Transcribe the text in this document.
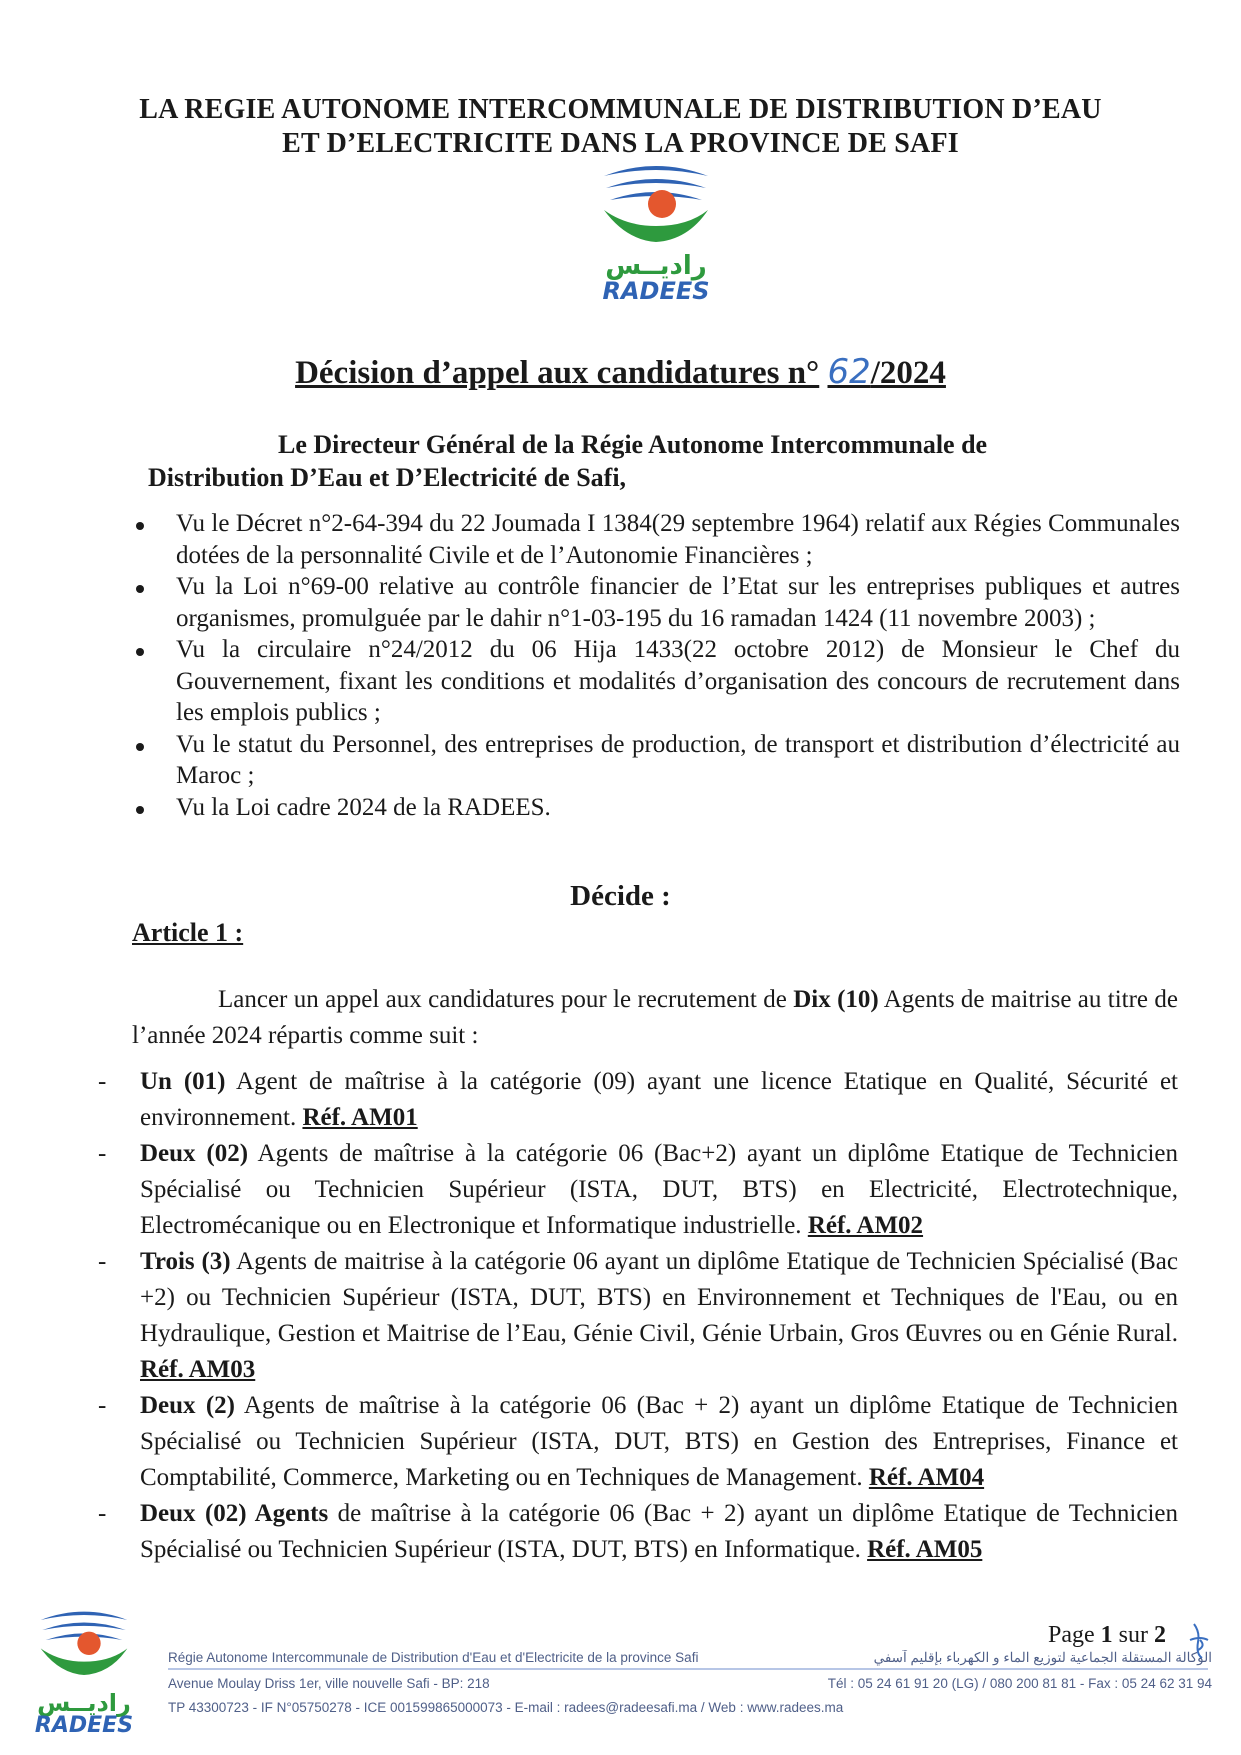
LA REGIE AUTONOME INTERCOMMUNALE DE DISTRIBUTION D’EAU
ET D’ELECTRICITE DANS LA PROVINCE DE SAFI
راديــس
RADEES
Décision d’appel aux candidatures n° 62/2024
Le Directeur Général de la Régie Autonome Intercommunale de
Distribution D’Eau et D’Electricité de Safi,
Vu le Décret n°2-64-394 du 22 Joumada I 1384(29 septembre 1964) relatif aux Régies Communales dotées de la personnalité Civile et de l’Autonomie Financières ;
Vu la Loi n°69-00 relative au contrôle financier de l’Etat sur les entreprises publiques et autres organismes, promulguée par le dahir n°1-03-195 du 16 ramadan 1424 (11 novembre 2003) ;
Vu la circulaire n°24/2012 du 06 Hija 1433(22 octobre 2012) de Monsieur le Chef du Gouvernement, fixant les conditions et modalités d’organisation des concours de recrutement dans les emplois publics ;
Vu le statut du Personnel, des entreprises de production, de transport et distribution d’électricité au Maroc ;
Vu la Loi cadre 2024 de la RADEES.
Décide :
Article 1 :
Lancer un appel aux candidatures pour le recrutement de Dix (10) Agents de maitrise au titre de l’année 2024 répartis comme suit :
- Un (01) Agent de maîtrise à la catégorie (09) ayant une licence Etatique en Qualité, Sécurité et environnement. Réf. AM01
- Deux (02) Agents de maîtrise à la catégorie 06 (Bac+2) ayant un diplôme Etatique de Technicien Spécialisé ou Technicien Supérieur (ISTA, DUT, BTS) en Electricité, Electrotechnique, Electromécanique ou en Electronique et Informatique industrielle. Réf. AM02
- Trois (3) Agents de maitrise à la catégorie 06 ayant un diplôme Etatique de Technicien Spécialisé (Bac +2) ou Technicien Supérieur (ISTA, DUT, BTS) en Environnement et Techniques de l'Eau, ou en Hydraulique, Gestion et Maitrise de l’Eau, Génie Civil, Génie Urbain, Gros Œuvres ou en Génie Rural. Réf. AM03
- Deux (2) Agents de maîtrise à la catégorie 06 (Bac + 2) ayant un diplôme Etatique de Technicien Spécialisé ou Technicien Supérieur (ISTA, DUT, BTS) en Gestion des Entreprises, Finance et Comptabilité, Commerce, Marketing ou en Techniques de Management. Réf. AM04
- Deux (02) Agents de maîtrise à la catégorie 06 (Bac + 2) ayant un diplôme Etatique de Technicien Spécialisé ou Technicien Supérieur (ISTA, DUT, BTS) en Informatique. Réf. AM05
Page 1 sur 2
راديــس
RADEES
Régie Autonome Intercommunale de Distribution d'Eau et d'Electricite de la province Safi	الوكالة المستقلة الجماعية لتوزيع الماء و الكهرباء بإقليم آسفي
Avenue Moulay Driss 1er, ville nouvelle Safi - BP: 218	Tél : 05 24 61 91 20 (LG) / 080 200 81 81 - Fax : 05 24 62 31 94
TP 43300723 - IF N°05750278 - ICE 001599865000073 - E-mail : radees@radeesafi.ma / Web : www.radees.ma
